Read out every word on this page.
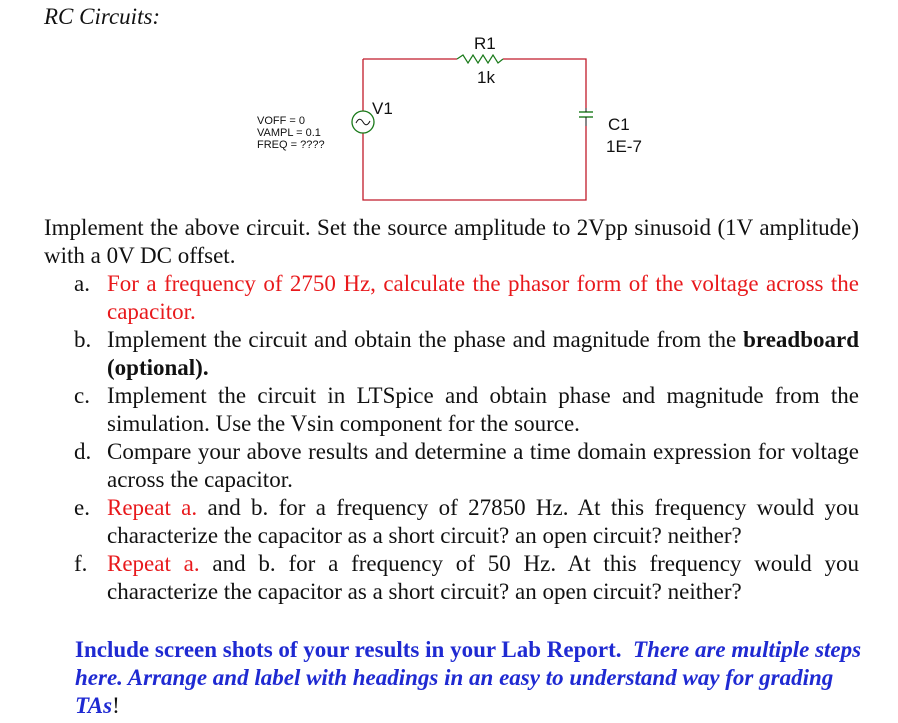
RC Circuits:
R1
1k
V1
VOFF = 0
VAMPL = 0.1
FREQ = ????
C1
1E-7
Implement the above circuit. Set the source amplitude to 2Vpp sinusoid (1V amplitude) with a 0V DC offset.
a. For a frequency of 2750 Hz, calculate the phasor form of the voltage across the capacitor.
b. Implement the circuit and obtain the phase and magnitude from the breadboard (optional).
c. Implement the circuit in LTSpice and obtain phase and magnitude from the simulation. Use the Vsin component for the source.
d. Compare your above results and determine a time domain expression for voltage across the capacitor.
e. Repeat a. and b. for a frequency of 27850 Hz. At this frequency would you characterize the capacitor as a short circuit? an open circuit? neither?
f. Repeat a. and b. for a frequency of 50 Hz. At this frequency would you characterize the capacitor as a short circuit? an open circuit? neither?
Include screen shots of your results in your Lab Report. There are multiple steps here. Arrange and label with headings in an easy to understand way for grading TAs!
